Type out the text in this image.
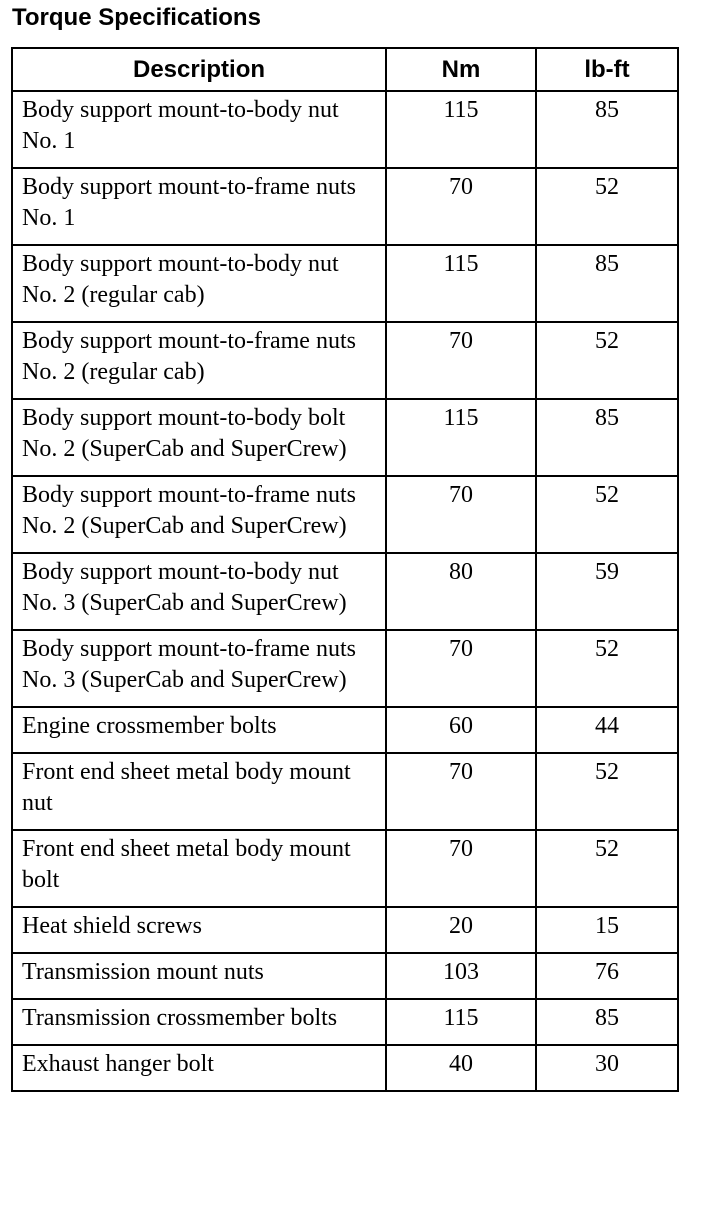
Torque Specifications
Description	Nm	lb-ft
Body support mount-to-body nut No. 1	115	85
Body support mount-to-frame nuts No. 1	70	52
Body support mount-to-body nut No. 2 (regular cab)	115	85
Body support mount-to-frame nuts No. 2 (regular cab)	70	52
Body support mount-to-body bolt No. 2 (SuperCab and SuperCrew)	115	85
Body support mount-to-frame nuts No. 2 (SuperCab and SuperCrew)	70	52
Body support mount-to-body nut No. 3 (SuperCab and SuperCrew)	80	59
Body support mount-to-frame nuts No. 3 (SuperCab and SuperCrew)	70	52
Engine crossmember bolts	60	44
Front end sheet metal body mount nut	70	52
Front end sheet metal body mount bolt	70	52
Heat shield screws	20	15
Transmission mount nuts	103	76
Transmission crossmember bolts	115	85
Exhaust hanger bolt	40	30
